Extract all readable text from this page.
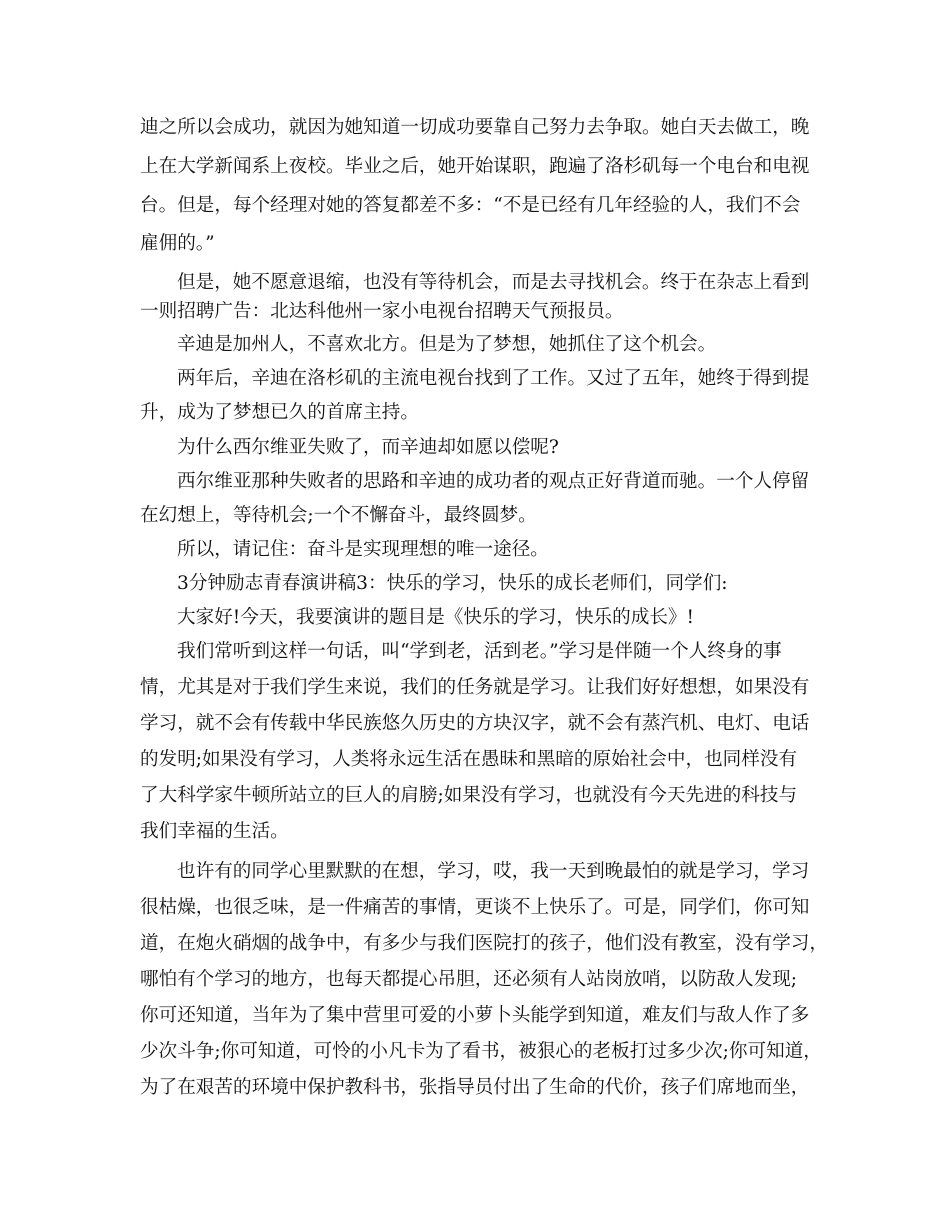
迪之所以会成功，就因为她知道一切成功要靠自己努力去争取。她白天去做工，晚
上在大学新闻系上夜校。毕业之后，她开始谋职，跑遍了洛杉矶每一个电台和电视
台。但是，每个经理对她的答复都差不多：“不是已经有几年经验的人，我们不会
雇佣的。”
但是，她不愿意退缩，也没有等待机会，而是去寻找机会。终于在杂志上看到
一则招聘广告：北达科他州一家小电视台招聘天气预报员。
辛迪是加州人，不喜欢北方。但是为了梦想，她抓住了这个机会。
两年后，辛迪在洛杉矶的主流电视台找到了工作。又过了五年，她终于得到提
升，成为了梦想已久的首席主持。
为什么西尔维亚失败了，而辛迪却如愿以偿呢?
西尔维亚那种失败者的思路和辛迪的成功者的观点正好背道而驰。一个人停留
在幻想上，等待机会;一个不懈奋斗，最终圆梦。
所以，请记住：奋斗是实现理想的唯一途径。
3分钟励志青春演讲稿3：快乐的学习，快乐的成长老师们，同学们:
大家好!今天，我要演讲的题目是《快乐的学习，快乐的成长》!
我们常听到这样一句话，叫“学到老，活到老。”学习是伴随一个人终身的事
情，尤其是对于我们学生来说，我们的任务就是学习。让我们好好想想，如果没有
学习，就不会有传载中华民族悠久历史的方块汉字，就不会有蒸汽机、电灯、电话
的发明;如果没有学习，人类将永远生活在愚昧和黑暗的原始社会中，也同样没有
了大科学家牛顿所站立的巨人的肩膀;如果没有学习，也就没有今天先进的科技与
我们幸福的生活。
也许有的同学心里默默的在想，学习，哎，我一天到晚最怕的就是学习，学习
很枯燥，也很乏味，是一件痛苦的事情，更谈不上快乐了。可是，同学们，你可知
道，在炮火硝烟的战争中，有多少与我们医院打的孩子，他们没有教室，没有学习，
哪怕有个学习的地方，也每天都提心吊胆，还必须有人站岗放哨，以防敌人发现;
你可还知道，当年为了集中营里可爱的小萝卜头能学到知道，难友们与敌人作了多
少次斗争;你可知道，可怜的小凡卡为了看书，被狠心的老板打过多少次;你可知道，
为了在艰苦的环境中保护教科书，张指导员付出了生命的代价，孩子们席地而坐，
